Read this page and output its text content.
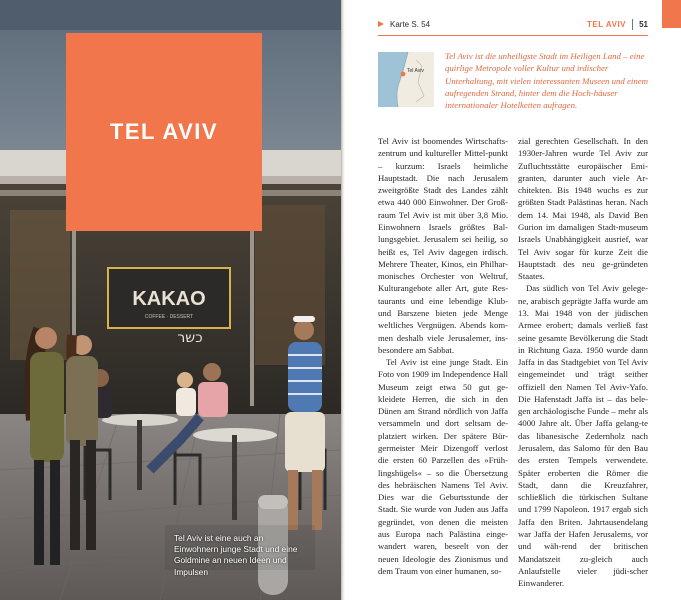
KAKAO
COFFEE · DESSERT
כשר
TEL AVIV
Tel Aviv ist eine auch an Einwohnern junge Stadt und eine Goldmine an neuen Ideen und Impulsen
Karte S. 54	TEL AVIV 51
Tel Aviv
Tel Aviv ist die unheiligste Stadt im Heiligen Land – eine quirlige Metropole voller Kultur und irdischer Unterhaltung, mit vielen interessanten Museen und einem aufregenden Strand, hinter dem die Hoch-häuser internationaler Hotelketten aufragen.

Tel Aviv ist boomendes Wirtschafts-zentrum und kultureller Mittel-punkt – kurzum: Israels heimliche Hauptstadt. Die nach Jerusalem zweitgrößte Stadt des Landes zählt etwa 440 000 Einwohner. Der Groß-raum Tel Aviv ist mit über 3,8 Mio. Einwohnern Israels größtes Bal-lungsgebiet. Jerusalem sei heilig, so heißt es, Tel Aviv dagegen irdisch. Mehrere Theater, Kinos, ein Philhar-monisches Orchester von Weltruf, Kulturangebote aller Art, gute Res-taurants und eine lebendige Klub- und Barszene bieten jede Menge weltliches Vergnügen. Abends kom-men deshalb viele Jerusalemer, ins-besondere am Sabbat.

Tel Aviv ist eine junge Stadt. Ein Foto von 1909 im Independence Hall Museum zeigt etwa 50 gut ge-kleidete Herren, die sich in den Dünen am Strand nördlich von Jaffa versammeln und dort seltsam de-platziert wirken. Der spätere Bür-germeister Meir Dizengoff verlost die ersten 60 Parzellen des »Früh-lingshügels« – so die Übersetzung des hebräischen Namens Tel Aviv. Dies war die Geburtsstunde der Stadt. Sie wurde von Juden aus Jaffa gegründet, von denen die meisten aus Europa nach Palästina einge-wandert waren, beseelt von der neuen Ideologie des Zionismus und dem Traum von einer humanen, so-

zial gerechten Gesellschaft. In den 1930er-Jahren wurde Tel Aviv zur Zufluchtsstätte europäischer Emi-granten, darunter auch viele Ar-chitekten. Bis 1948 wuchs es zur größten Stadt Palästinas heran. Nach dem 14. Mai 1948, als David Ben Gurion im damaligen Stadt-museum Israels Unabhängigkeit ausrief, war Tel Aviv sogar für kurze Zeit die Hauptstadt des neu ge-gründeten Staates.

Das südlich von Tel Aviv gelege-ne, arabisch geprägte Jaffa wurde am 13. Mai 1948 von der jüdischen Armee erobert; damals verließ fast seine gesamte Bevölkerung die Stadt in Richtung Gaza. 1950 wurde dann Jaffa in das Stadtgebiet von Tel Aviv eingemeindet und trägt seither offiziell den Namen Tel Aviv-Yafo. Die Hafenstadt Jaffa ist – das bele-gen archäologische Funde – mehr als 4000 Jahre alt. Über Jaffa gelang-te das libanesische Zedernholz nach Jerusalem, das Salomo für den Bau des ersten Tempels verwendete. Später eroberten die Römer die Stadt, dann die Kreuzfahrer, schließlich die türkischen Sultane und 1799 Napoleon. 1917 ergab sich Jaffa den Briten. Jahrtausendelang war Jaffa der Hafen Jerusalems, vor und wäh-rend der britischen Mandatszeit zu-gleich auch Anlaufstelle vieler jüdi-scher Einwanderer.
